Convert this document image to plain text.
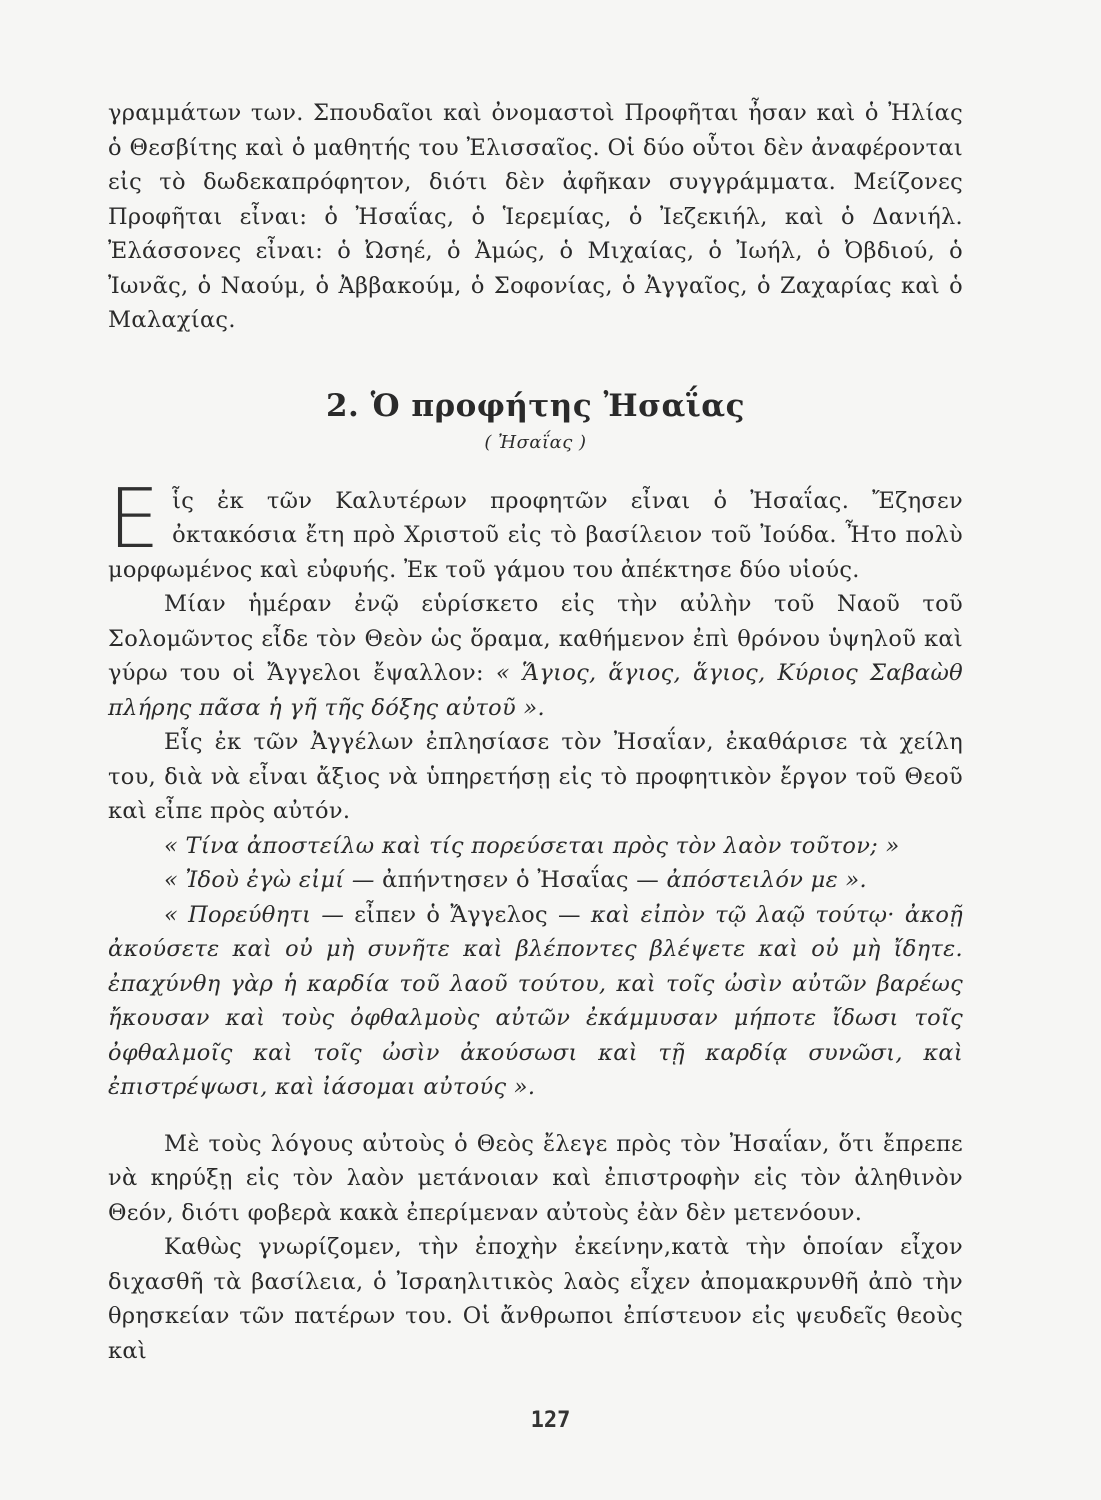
γραμμάτων των. Σπουδαῖοι καὶ ὀνομαστοὶ Προφῆται ἦσαν καὶ ὁ Ἠλίας ὁ Θεσβίτης καὶ ὁ μαθητής του Ἐλισσαῖος. Οἱ δύο οὗτοι δὲν ἀναφέρονται εἰς τὸ δωδεκαπρόφητον, διότι δὲν ἀφῆκαν συγγράμματα. Μείζονες Προφῆται εἶναι: ὁ Ἠσαΐας, ὁ Ἱερεμίας, ὁ Ἰεζεκιήλ, καὶ ὁ Δανιήλ. Ἐλάσσονες εἶναι: ὁ Ὠσηέ, ὁ Ἀμώς, ὁ Μιχαίας, ὁ Ἰωήλ, ὁ Ὀβδιού, ὁ Ἰωνᾶς, ὁ Ναούμ, ὁ Ἀββακούμ, ὁ Σοφονίας, ὁ Ἀγγαῖος, ὁ Ζαχαρίας καὶ ὁ Μαλαχίας.

2. Ὁ προφήτης Ἠσαΐας
( Ἠσαΐας )

Εἷς ἐκ τῶν Καλυτέρων προφητῶν εἶναι ὁ Ἠσαΐας. Ἔζησεν ὀκτακόσια ἔτη πρὸ Χριστοῦ εἰς τὸ βασίλειον τοῦ Ἰούδα. Ἦτο πολὺ μορφωμένος καὶ εὐφυής. Ἐκ τοῦ γάμου του ἀπέκτησε δύο υἱούς.

Μίαν ἡμέραν ἐνῷ εὑρίσκετο εἰς τὴν αὐλὴν τοῦ Ναοῦ τοῦ Σολομῶντος εἶδε τὸν Θεὸν ὡς ὅραμα, καθήμενον ἐπὶ θρόνου ὑψηλοῦ καὶ γύρω του οἱ Ἄγγελοι ἔψαλλον: « Ἅγιος, ἅγιος, ἅγιος, Κύριος Σαβαὼθ πλήρης πᾶσα ἡ γῆ τῆς δόξης αὐτοῦ ».

Εἷς ἐκ τῶν Ἀγγέλων ἐπλησίασε τὸν Ἠσαΐαν, ἐκαθάρισε τὰ χείλη του, διὰ νὰ εἶναι ἄξιος νὰ ὑπηρετήσῃ εἰς τὸ προφητικὸν ἔργον τοῦ Θεοῦ καὶ εἶπε πρὸς αὐτόν.

« Τίνα ἀποστείλω καὶ τίς πορεύσεται πρὸς τὸν λαὸν τοῦτον; »

« Ἰδοὺ ἐγὼ εἰμί — ἀπήντησεν ὁ Ἠσαΐας — ἀπόστειλόν με ».

« Πορεύθητι — εἶπεν ὁ Ἄγγελος — καὶ εἰπὸν τῷ λαῷ τούτῳ· ἀκοῇ ἀκούσετε καὶ οὐ μὴ συνῆτε καὶ βλέποντες βλέψετε καὶ οὐ μὴ ἴδητε. ἐπαχύνθη γὰρ ἡ καρδία τοῦ λαοῦ τούτου, καὶ τοῖς ὠσὶν αὐτῶν βαρέως ἤκουσαν καὶ τοὺς ὀφθαλμοὺς αὐτῶν ἐκάμμυσαν μήποτε ἴδωσι τοῖς ὀφθαλμοῖς καὶ τοῖς ὠσὶν ἀκούσωσι καὶ τῇ καρδίᾳ συνῶσι, καὶ ἐπιστρέψωσι, καὶ ἰάσομαι αὐτούς ».

Μὲ τοὺς λόγους αὐτοὺς ὁ Θεὸς ἔλεγε πρὸς τὸν Ἠσαΐαν, ὅτι ἔπρεπε νὰ κηρύξῃ εἰς τὸν λαὸν μετάνοιαν καὶ ἐπιστροφὴν εἰς τὸν ἀληθινὸν Θεόν, διότι φοβερὰ κακὰ ἐπερίμεναν αὐτοὺς ἐὰν δὲν μετενόουν.

Καθὼς γνωρίζομεν, τὴν ἐποχὴν ἐκείνην,κατὰ τὴν ὁποίαν εἶχον διχασθῆ τὰ βασίλεια, ὁ Ἰσραηλιτικὸς λαὸς εἶχεν ἀπομακρυνθῆ ἀπὸ τὴν θρησκείαν τῶν πατέρων του. Οἱ ἄνθρωποι ἐπίστευον εἰς ψευδεῖς θεοὺς καὶ

127
